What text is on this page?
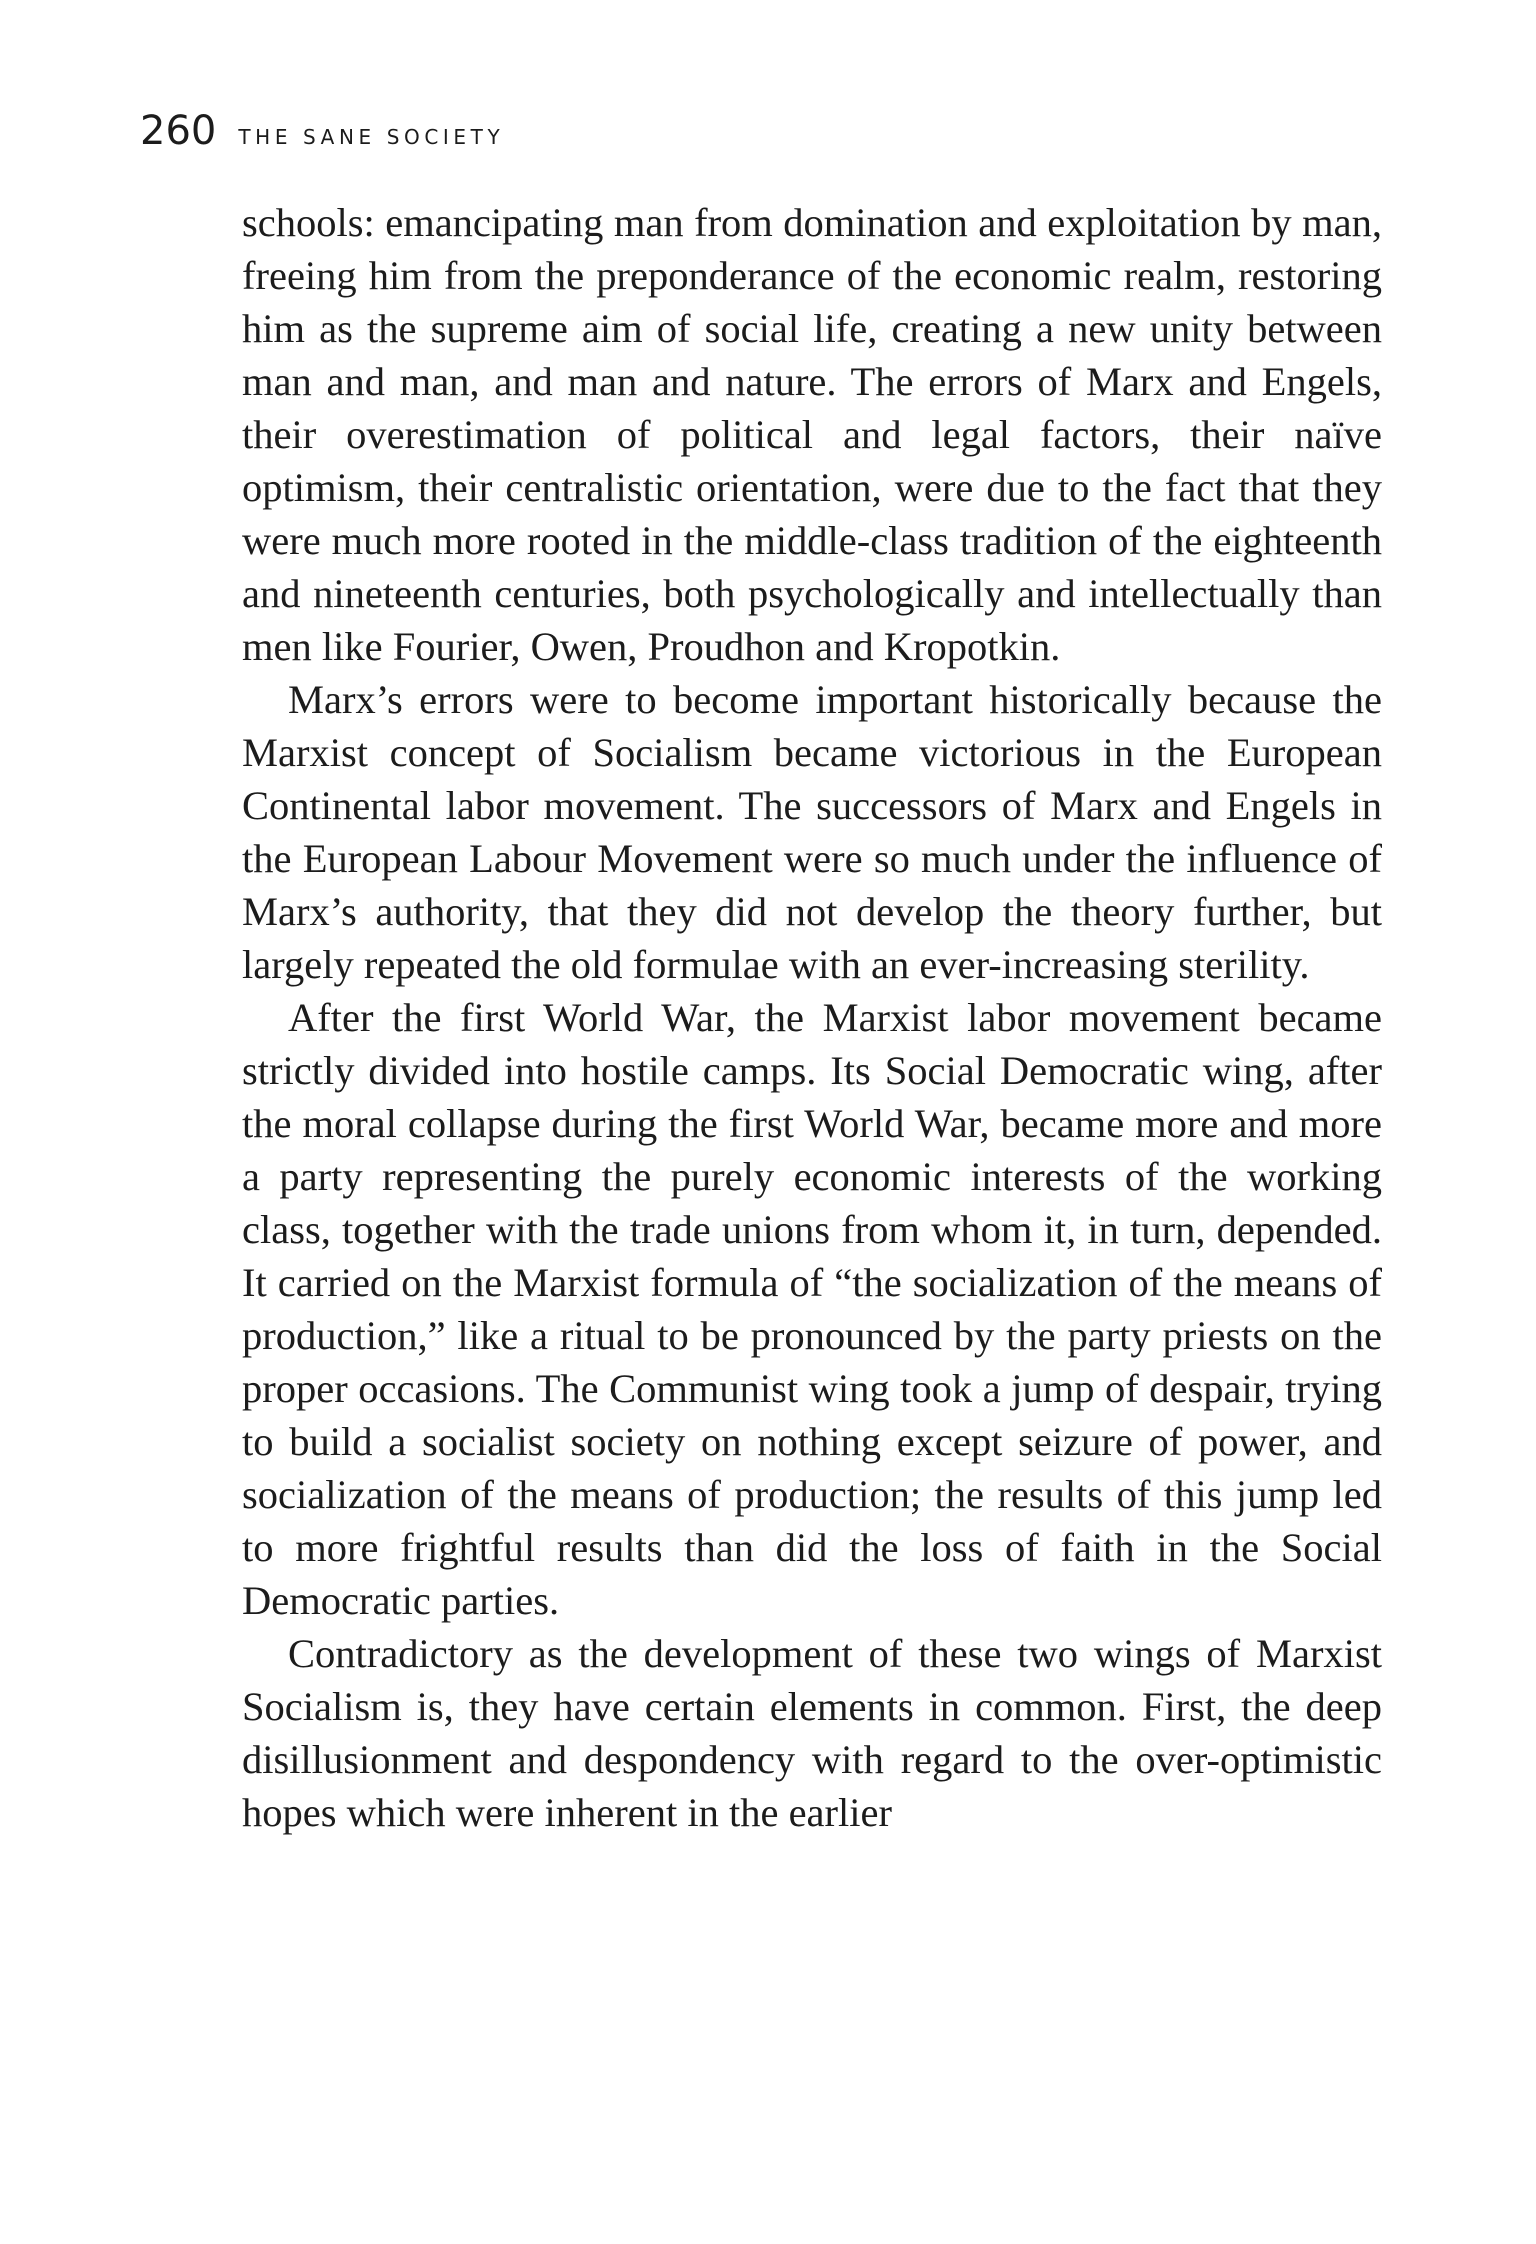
260 THE SANE SOCIETY

schools: emancipating man from domination and exploitation by man, freeing him from the preponderance of the economic realm, restoring him as the supreme aim of social life, creating a new unity between man and man, and man and nature. The errors of Marx and Engels, their overestimation of political and legal factors, their naïve optimism, their centralistic orientation, were due to the fact that they were much more rooted in the middle-class tradition of the eighteenth and nineteenth centuries, both psychologically and intellectually than men like Fourier, Owen, Proudhon and Kropotkin.

Marx’s errors were to become important historically because the Marxist concept of Socialism became victorious in the European Continental labor movement. The successors of Marx and Engels in the European Labour Movement were so much under the influence of Marx’s authority, that they did not develop the theory further, but largely repeated the old formulae with an ever-increasing sterility.

After the first World War, the Marxist labor movement became strictly divided into hostile camps. Its Social Democratic wing, after the moral collapse during the first World War, became more and more a party representing the purely economic interests of the working class, together with the trade unions from whom it, in turn, depended. It carried on the Marxist formula of “the socialization of the means of production,” like a ritual to be pronounced by the party priests on the proper occasions. The Communist wing took a jump of despair, trying to build a socialist society on nothing except seizure of power, and socialization of the means of production; the results of this jump led to more frightful results than did the loss of faith in the Social Democratic parties.

Contradictory as the development of these two wings of Marxist Socialism is, they have certain elements in common. First, the deep disillusionment and despondency with regard to the over-optimistic hopes which were inherent in the earlier
